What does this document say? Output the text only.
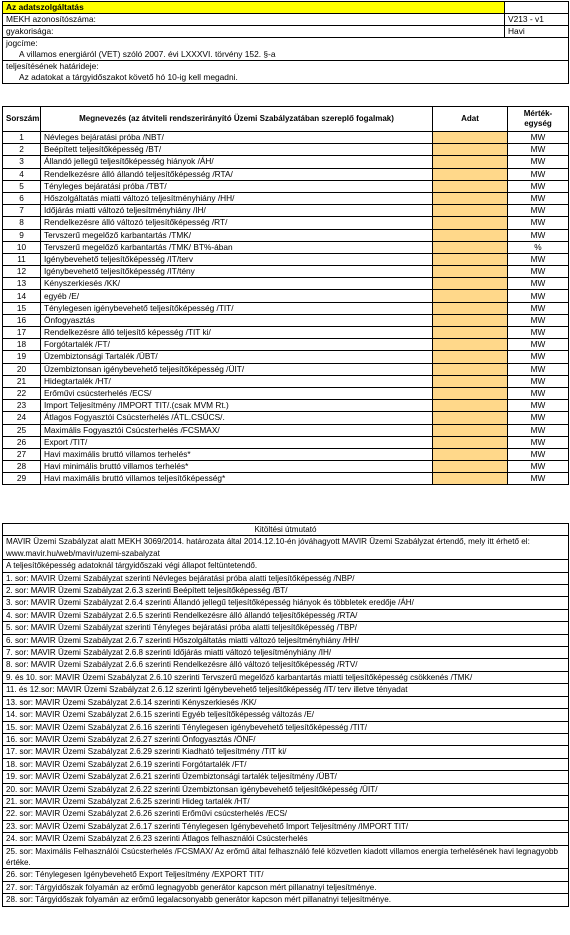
Az adatszolgáltatás	
MEKH azonosítószáma:	V213 - v1
gyakorisága:	Havi
jogcíme:	
A villamos energiáról (VET) szóló 2007. évi LXXXVI. törvény 152. §-a	
teljesítésének határideje:	
Az adatokat a tárgyidőszakot követő hó 10-ig kell megadni.	
Sorszám	Megnevezés (az átviteli rendszerirányító Üzemi Szabályzatában szereplő fogalmak)	Adat	Mérték-egység
1	Névleges bejáratási próba /NBT/		MW
2	Beépített teljesítőképesség /BT/		MW
3	Állandó jellegű teljesítőképesség hiányok /ÁH/		MW
4	Rendelkezésre álló állandó teljesítőképesség /RTA/		MW
5	Tényleges bejáratási próba /TBT/		MW
6	Hőszolgáltatás miatti változó teljesítményhiány /HH/		MW
7	Időjárás miatti változó teljesítményhiány /IH/		MW
8	Rendelkezésre álló változó teljesítőképesség /RT/		MW
9	Tervszerű megelőző karbantartás /TMK/		MW
10	Tervszerű megelőző karbantartás /TMK/ BT%-ában		%
11	Igénybevehető teljesítőképesség /IT/terv		MW
12	Igénybevehető teljesítőképesség /IT/tény		MW
13	Kényszerkiesés /KK/		MW
14	egyéb /E/		MW
15	Ténylegesen igénybevehető teljesítőképesség /TIT/		MW
16	Önfogyasztás		MW
17	Rendelkezésre álló teljesítő képesség /TIT ki/		MW
18	Forgótartalék /FT/		MW
19	Üzembiztonsági Tartalék /ÜBT/		MW
20	Üzembiztonsan igénybevehető teljesítőképesség /ÜIT/		MW
21	Hidegtartalék /HT/		MW
22	Erőművi csúcsterhelés /ECS/		MW
23	Import Teljesítmény /IMPORT TIT/.(csak MVM Rt.)		MW
24	Átlagos Fogyasztói Csúcsterhelés /ÁTL.CSÚCS/.		MW
25	Maximális Fogyasztói Csúcsterhelés /FCSMAX/		MW
26	Export /TIT/		MW
27	Havi maximális bruttó villamos terhelés*		MW
28	Havi minimális bruttó villamos terhelés*		MW
29	Havi maximális bruttó villamos teljesítőképesség*		MW
Kitöltési útmutató
MAVIR Üzemi Szabályzat alatt MEKH 3069/2014. határozata által 2014.12.10-én jóváhagyott MAVIR Üzemi Szabályzat értendő, mely itt érhető el: www.mavir.hu/web/mavir/uzemi-szabalyzat
A teljesítőképesség adatoknál tárgyidőszaki végi állapot feltüntetendő.
1. sor: MAVIR Üzemi Szabályzat szerinti Névleges bejáratási próba alatti teljesítőképesség /NBP/
2. sor: MAVIR Üzemi Szabályzat 2.6.3 szerinti Beépített teljesítőképesség /BT/
3. sor: MAVIR Üzemi Szabályzat 2.6.4 szerinti Állandó jellegű teljesítőképesség hiányok és többletek eredője /ÁH/
4. sor: MAVIR Üzemi Szabályzat 2.6.5 szerinti Rendelkezésre álló állandó teljesítőképesség /RTA/
5. sor: MAVIR Üzemi Szabályzat szerinti Tényleges bejáratási próba alatti teljesítőképesség /TBP/
6. sor: MAVIR Üzemi Szabályzat 2.6.7 szerinti Hőszolgáltatás miatti változó teljesítményhiány /HH/
7. sor: MAVIR Üzemi Szabályzat 2.6.8 szerinti Időjárás miatti változó teljesítményhiány /IH/
8. sor: MAVIR Üzemi Szabályzat 2.6.6 szerinti Rendelkezésre álló változó teljesítőképesség /RTV/
9. és 10. sor: MAVIR Üzemi Szabályzat 2.6.10 szerinti Tervszerű megelőző karbantartás miatti teljesítőképesség csökkenés /TMK/
11. és 12.sor: MAVIR Üzemi Szabályzat 2.6.12 szerinti Igénybevehető teljesítőképesség /IT/ terv illetve tényadat
13. sor: MAVIR Üzemi Szabályzat 2.6.14 szerinti Kényszerkiesés /KK/
14. sor: MAVIR Üzemi Szabályzat 2.6.15 szerinti Egyéb teljesítőképesség változás /E/
15. sor: MAVIR Üzemi Szabályzat 2.6.16 szerinti Ténylegesen igénybevehető teljesítőképesség /TIT/
16. sor: MAVIR Üzemi Szabályzat 2.6.27 szerinti Önfogyasztás /ÖNF/
17. sor: MAVIR Üzemi Szabályzat 2.6.29 szerinti Kiadható teljesítmény /TIT ki/
18. sor: MAVIR Üzemi Szabályzat 2.6.19 szerinti Forgótartalék /FT/
19. sor: MAVIR Üzemi Szabályzat 2.6.21 szerinti Üzembiztonsági tartalék teljesítmény /ÜBT/
20. sor: MAVIR Üzemi Szabályzat 2.6.22 szerinti Üzembiztonsan igénybevehető teljesítőképesség /ÜIT/
21. sor: MAVIR Üzemi Szabályzat 2.6.25 szerinti Hideg tartalék /HT/
22. sor: MAVIR Üzemi Szabályzat 2.6.26 szerinti Erőművi csúcsterhelés /ECS/
23. sor: MAVIR Üzemi Szabályzat 2.6.17 szerinti Ténylegesen Igénybevehető Import Teljesítmény /IMPORT TIT/
24. sor: MAVIR Üzemi Szabályzat 2.6.23 szerinti Átlagos felhasználói Csúcsterhelés
25. sor: Maximális Felhasználói Csúcsterhelés /FCSMAX/ Az erőmű által felhasználó felé közvetlen kiadott villamos energia terhelésének havi legnagyobb értéke.
26. sor: Ténylegesen Igénybevehető Export Teljesítmény /EXPORT TIT/
27. sor: Tárgyidőszak folyamán az erőmű legnagyobb generátor kapcson mért pillanatnyi teljesítménye.
28. sor: Tárgyidőszak folyamán az erőmű legalacsonyabb generátor kapcson mért pillanatnyi teljesítménye.
